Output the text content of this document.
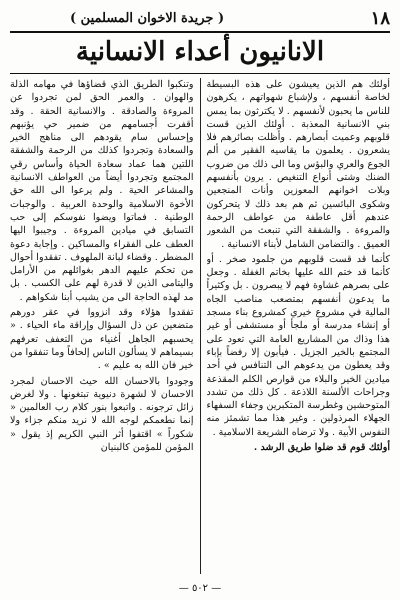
١٨
( جريدة الاخوان المسلمين )
الانانيون أعداء الانسانية

أولئك هم الذين يعيشون على هذه البسيطة لخاصة أنفسهم ، ولإشباع شهواتهم ، يكرهون للناس ما يحبون لأنفسهم . لا يكترثون بما يمس بني الانسانية المعذبة . أولئك الذين قست قلوبهم وعميت أبصارهم . وأظلت بصائرهم فلا يشعرون . يعلمون ما يقاسيه الفقير من ألم الجوع والعري والبؤس وما الى ذلك من ضروب الضنك وشتى أنواع التنغيص . يرون بأنفسهم وبلات اخوانهم المعوزين وأنات المنجعين وشكوى البائسين ثم هم بعد ذلك لا يتحركون عندهم أقل عاطفة من عواطف الرحمة والمروءة . والشفقة التي تنبعث من الشعور العميق . والتضامن الشامل لأبناء الانسانية .

كأنما قد قست قلوبهم من جلمود صخر . أو كأنما قد ختم الله عليها بخاتم الغفلة . وجعل على بصرهم غشاوة فهم لا يبصرون . بل وكثيراً ما يدعون أنفسهم بمتصعب مناصب الجاه المالية في مشروع خيري كمشروع بناء مسجد أو إنشاء مدرسة أو ملجأ أو مستشفى أو غير هذا وذاك من المشاريع العامة التي تعود على المجتمع بالخير الجزيل . فيأبون إلا رفضاً بإباء وقد يعطون من يدعوهم الى التنافس في أحد ميادين الخير والبلاء من قوارص الكلم المقذعة وجراحات الألسنة اللاذعة . كل ذلك من تشدد المتوحشين وغطرسة المتكبرين وجفاء السفهاء الجهلاء المرذولين . وغير هذا مما تشمئز منه النفوس الأبية . ولا ترضاه الشريعة الاسلامية .

أولئك قوم قد ضلوا طريق الرشد .

وتنكبوا الطريق الذي قضاؤها في مهامه الذلة والهوان . والعمر الحق لمن تجردوا عن المروءة والصادقة . والانسانية الحقة . وقد أقفرت أجسامهم من ضمير حي يؤنبهم وإحساس سام يقودهم الى مناهج الخير والسعادة وتجردوا كذلك من الرحمة والشفقة اللتين هما عماد سعادة الحياة وأساس رقي المجتمع وتجردوا أيضاً من العواطف الانسانية والمشاعر الحية . ولم يرعوا الى الله حق الأخوة الاسلامية والوحدة العربية . والوجبات الوطنية . فماتوا ويضوا نفوسكم إلى حب التسابق في ميادين المروءة . وجيبوا اليها العطف على الفقراء والمساكين . وإجابة دعوة المضطر . وقضاء لبانة الملهوف . تفقدوا أحوال من تحكم عليهم الدهر بغوائلهم من الأرامل واليتامى الذين لا قدرة لهم على الكسب . بل مد لهذه الحاجة الى من يشيب أبنا شكواهم .

تفقدوا هؤلاء وقد انزووا في عقر دورهم متضعين عن ذل السؤال وإراقة ماء الحياء . « يحسبهم الجاهل أغنياء من التعفف تعرفهم بسيماهم لا يسألون الناس إلحافاً وما تنفقوا من خير فان الله به عليم » .

وجودوا بالاحسان الله حيث الاحسان لمجرد الاحسان لا لشهرة دنيوية تبتغونها . ولا لغرض زائل ترجونه . واتبعوا بنور كلام رب العالمين « إنما نطعمكم لوجه الله لا نريد منكم جزاء ولا شكوراً » اقتفوا أثر النبي الكريم إذ يقول « المؤمن للمؤمن كالبنيان

— ٥٠٢ —
